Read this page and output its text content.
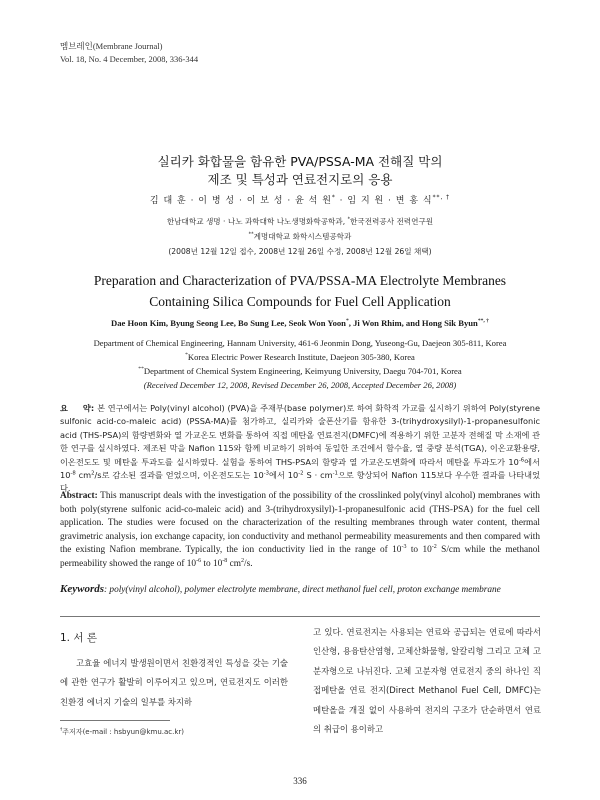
멤브레인(Membrane Journal)
Vol. 18, No. 4 December, 2008, 336-344
실리카 화합물을 함유한 PVA/PSSA-MA 전해질 막의
제조 및 특성과 연료전지로의 응용
김 대 훈 · 이 병 성 · 이 보 성 · 윤 석 원* · 임 지 원 · 변 홍 식**, †
한남대학교 생명 · 나노 과학대학 나노생명화학공학과, *한국전력공사 전력연구원
**계명대학교 화학시스템공학과
(2008년 12월 12일 접수, 2008년 12월 26일 수정, 2008년 12월 26일 채택)
Preparation and Characterization of PVA/PSSA-MA Electrolyte Membranes
Containing Silica Compounds for Fuel Cell Application
Dae Hoon Kim, Byung Seong Lee, Bo Sung Lee, Seok Won Yoon*, Ji Won Rhim, and Hong Sik Byun**, †
Department of Chemical Engineering, Hannam University, 461-6 Jeonmin Dong, Yuseong-Gu, Daejeon 305-811, Korea
*Korea Electric Power Research Institute, Daejeon 305-380, Korea
**Department of Chemical System Engineering, Keimyung University, Daegu 704-701, Korea
(Received December 12, 2008, Revised December 26, 2008, Accepted December 26, 2008)
요     약: 본 연구에서는 Poly(vinyl alcohol) (PVA)을 주재부(base polymer)로 하여 화학적 가교를 실시하기 위하여 Poly(styrene sulfonic acid-co-maleic acid) (PSSA-MA)를 첨가하고, 실리카와 술폰산기를 함유한 3-(trihydroxysilyl)-1-propanesulfonic acid (THS-PSA)의 함량변화와 열 가교온도 변화를 통하여 직접 메탄올 연료전지(DMFC)에 적용하기 위한 고분자 전해질 막 소재에 관한 연구를 실시하였다. 제조된 막을 Nafion 115와 함께 비교하기 위하여 동일한 조건에서 함수율, 열 중량 분석(TGA), 이온교환용량, 이온전도도 및 메탄올 투과도를 실시하였다. 실험을 통하여 THS-PSA의 함량과 열 가교온도변화에 따라서 메탄올 투과도가 $10^{-6}$에서 $10^{-8}$ $cm^2/s$로 감소된 결과를 얻었으며, 이온전도도는 $10^{-3}$에서 $10^{-2}$ $S \cdot cm^{-1}$으로 향상되어 Nafion 115보다 우수한 결과를 나타내었다.
Abstract: This manuscript deals with the investigation of the possibility of the crosslinked poly(vinyl alcohol) membranes with both poly(styrene sulfonic acid-co-maleic acid) and 3-(trihydroxysilyl)-1-propanesulfonic acid (THS-PSA) for the fuel cell application. The studies were focused on the characterization of the resulting membranes through water content, thermal gravimetric analysis, ion exchange capacity, ion conductivity and methanol permeability measurements and then compared with the existing Nafion membrane. Typically, the ion conductivity lied in the range of $10^{-3}$ to $10^{-2}$ S/cm while the methanol permeability showed the range of $10^{-6}$ to $10^{-8}$ $cm^2/s$.
Keywords: poly(vinyl alcohol), polymer electrolyte membrane, direct methanol fuel cell, proton exchange membrane
1. 서 론
고효율 에너지 발생원이면서 친환경적인 특성을 갖는 기술에 관한 연구가 활발히 이루어지고 있으며, 연료전지도 이러한 친환경 에너지 기술의 일부를 차지하
고 있다. 연료전지는 사용되는 연료와 공급되는 연료에 따라서 인산형, 용융탄산염형, 고체산화물형, 알칼리형 그리고 고체 고분자형으로 나뉘진다. 고체 고분자형 연료전지 중의 하나인 직접메탄올 연료 전지(Direct Methanol Fuel Cell, DMFC)는 메탄올을 개질 없이 사용하여 전지의 구조가 단순하면서 연료의 취급이 용이하고
†주저자(e-mail : hsbyun@kmu.ac.kr)
336
